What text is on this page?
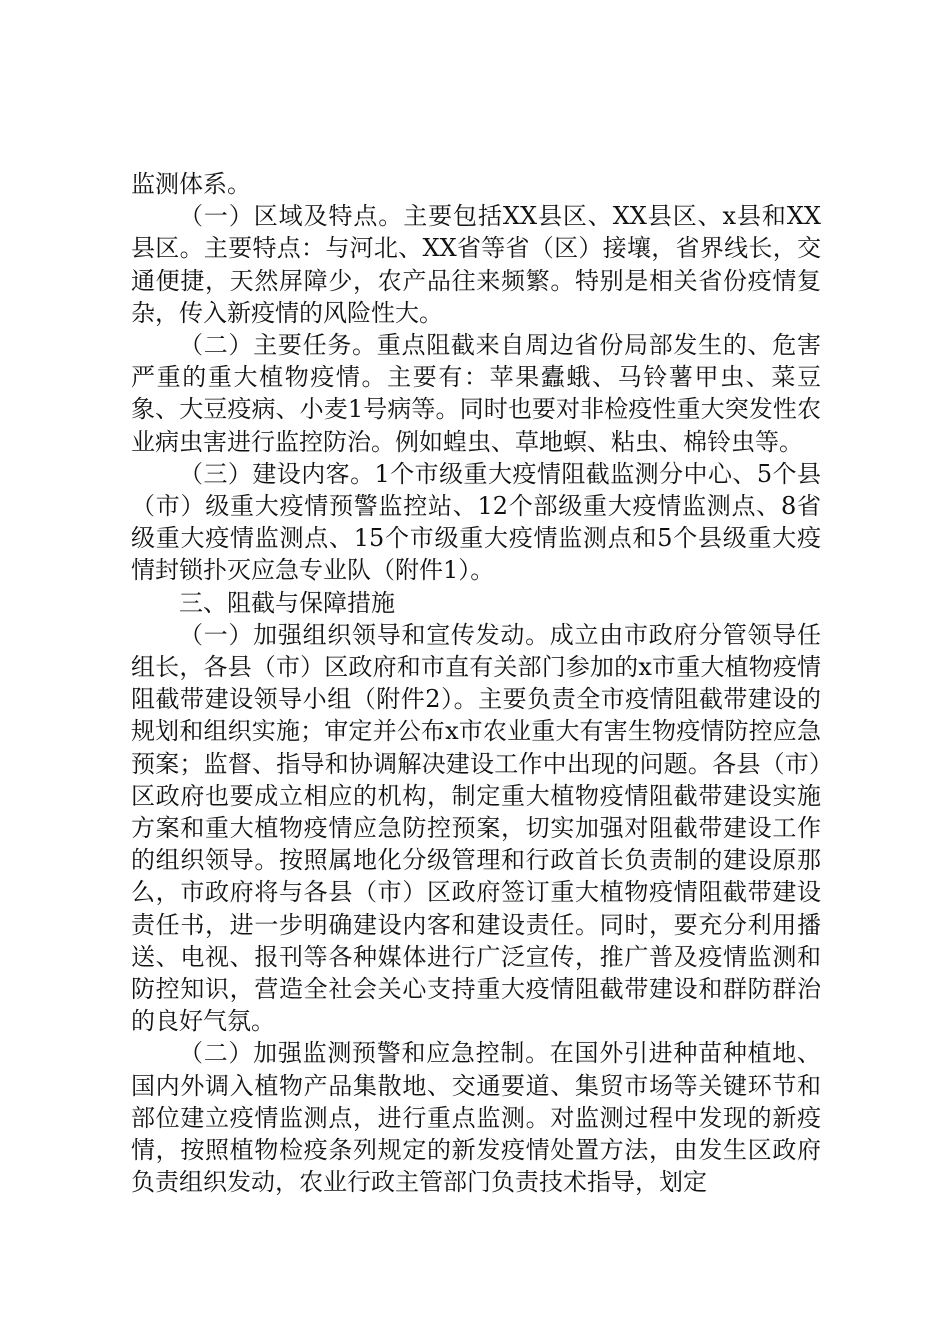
监测体系。

（一）区域及特点。主要包括XX县区、XX县区、x县和XX县区。主要特点：与河北、XX省等省（区）接壤，省界线长，交通便捷，天然屏障少，农产品往来频繁。特别是相关省份疫情复杂，传入新疫情的风险性大。

（二）主要任务。重点阻截来自周边省份局部发生的、危害严重的重大植物疫情。主要有：苹果蠹蛾、马铃薯甲虫、菜豆象、大豆疫病、小麦1号病等。同时也要对非检疫性重大突发性农业病虫害进行监控防治。例如蝗虫、草地螟、粘虫、棉铃虫等。

（三）建设内客。1个市级重大疫情阻截监测分中心、5个县（市）级重大疫情预警监控站、12个部级重大疫情监测点、8省级重大疫情监测点、15个市级重大疫情监测点和5个县级重大疫情封锁扑灭应急专业队（附件1）。

三、阻截与保障措施

（一）加强组织领导和宣传发动。成立由市政府分管领导任组长，各县（市）区政府和市直有关部门参加的x市重大植物疫情阻截带建设领导小组（附件2）。主要负责全市疫情阻截带建设的规划和组织实施；审定并公布x市农业重大有害生物疫情防控应急预案；监督、指导和协调解决建设工作中出现的问题。各县（市）区政府也要成立相应的机构，制定重大植物疫情阻截带建设实施方案和重大植物疫情应急防控预案，切实加强对阻截带建设工作的组织领导。按照属地化分级管理和行政首长负责制的建设原那么，市政府将与各县（市）区政府签订重大植物疫情阻截带建设责任书，进一步明确建设内客和建设责任。同时，要充分利用播送、电视、报刊等各种媒体进行广泛宣传，推广普及疫情监测和防控知识，营造全社会关心支持重大疫情阻截带建设和群防群治的良好气氛。

（二）加强监测预警和应急控制。在国外引进种苗种植地、国内外调入植物产品集散地、交通要道、集贸市场等关键环节和部位建立疫情监测点，进行重点监测。对监测过程中发现的新疫情，按照植物检疫条列规定的新发疫情处置方法，由发生区政府负责组织发动，农业行政主管部门负责技术指导，划定
